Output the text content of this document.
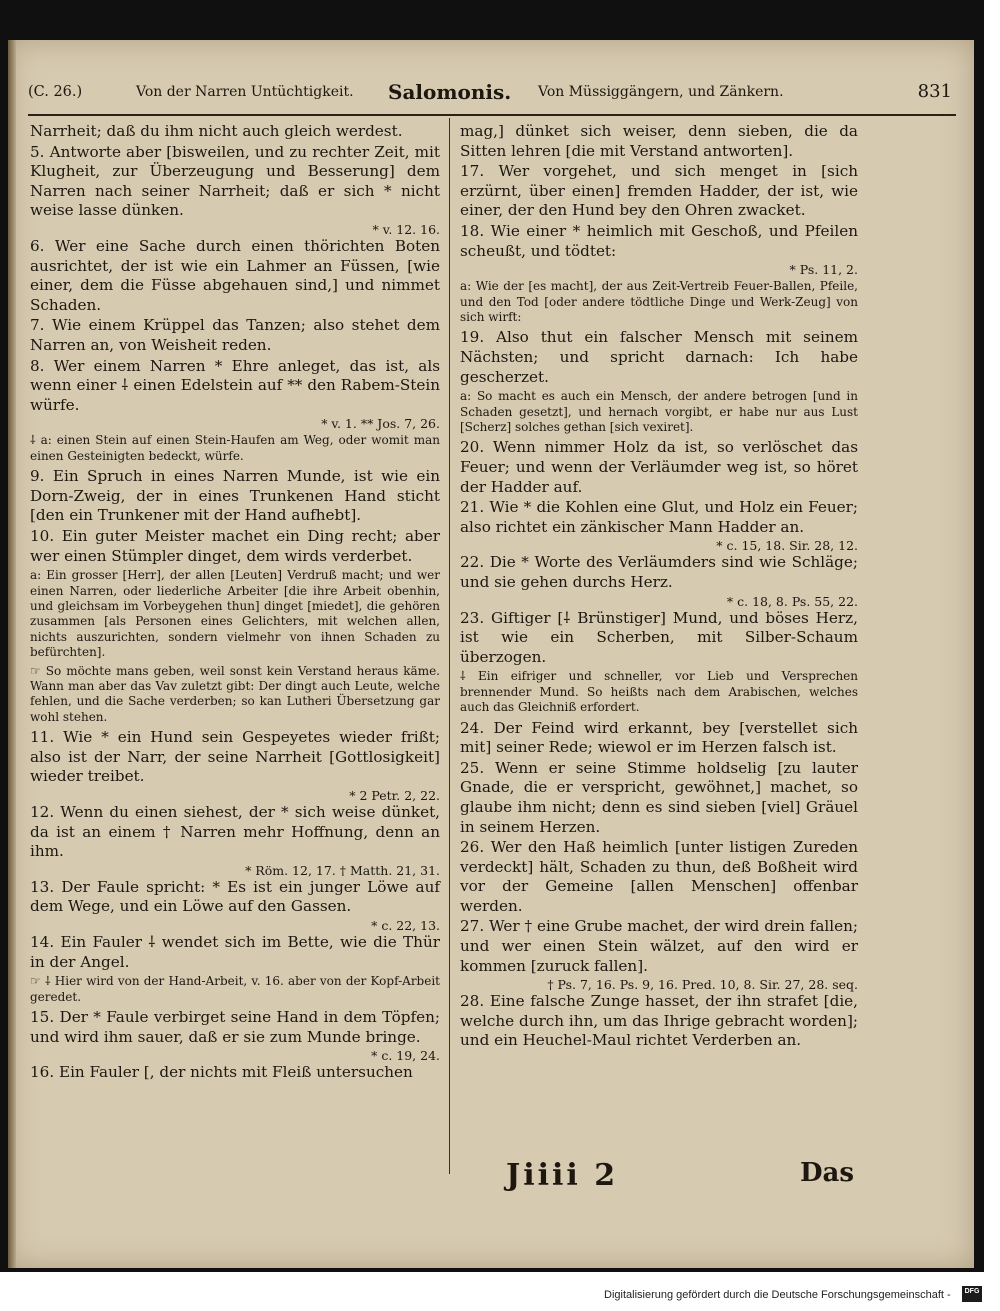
(C. 26.)	Von der Narren Untüchtigkeit. Salomonis. Von Müssiggängern, und Zänkern.	831

Narrheit; daß du ihm nicht auch gleich werdest.

5. Antworte aber [bisweilen, und zu rechter Zeit, mit Klugheit, zur Überzeugung und Besserung] dem Narren nach seiner Narrheit; daß er sich * nicht weise lasse dünken.

* v. 12. 16.

6. Wer eine Sache durch einen thörichten Boten ausrichtet, der ist wie ein Lahmer an Füssen, [wie einer, dem die Füsse abgehauen sind,] und nimmet Schaden.

7. Wie einem Krüppel das Tanzen; also stehet dem Narren an, von Weisheit reden.

8. Wer einem Narren * Ehre anleget, das ist, als wenn einer ⸸ einen Edelstein auf ** den Rabem-Stein würfe.

* v. 1. ** Jos. 7, 26.

⸸ a: einen Stein auf einen Stein-Haufen am Weg, oder womit man einen Gesteinigten bedeckt, würfe.

9. Ein Spruch in eines Narren Munde, ist wie ein Dorn-Zweig, der in eines Trunkenen Hand sticht [den ein Trunkener mit der Hand aufhebt].

10. Ein guter Meister machet ein Ding recht; aber wer einen Stümpler dinget, dem wirds verderbet.

a: Ein grosser [Herr], der allen [Leuten] Verdruß macht; und wer einen Narren, oder liederliche Arbeiter [die ihre Arbeit obenhin, und gleichsam im Vorbeygehen thun] dinget [miedet], die gehören zusammen [als Personen eines Gelichters, mit welchen allen, nichts auszurichten, sondern vielmehr von ihnen Schaden zu befürchten].

☞ So möchte mans geben, weil sonst kein Verstand heraus käme. Wann man aber das Vav zuletzt gibt: Der dingt auch Leute, welche fehlen, und die Sache verderben; so kan Lutheri Übersetzung gar wohl stehen.

11. Wie * ein Hund sein Gespeyetes wieder frißt; also ist der Narr, der seine Narrheit [Gottlosigkeit] wieder treibet.

* 2 Petr. 2, 22.

12. Wenn du einen siehest, der * sich weise dünket, da ist an einem † Narren mehr Hoffnung, denn an ihm.

* Röm. 12, 17. † Matth. 21, 31.

13. Der Faule spricht: * Es ist ein junger Löwe auf dem Wege, und ein Löwe auf den Gassen.

* c. 22, 13.

14. Ein Fauler ⸸ wendet sich im Bette, wie die Thür in der Angel.

☞ ⸸ Hier wird von der Hand-Arbeit, v. 16. aber von der Kopf-Arbeit geredet.

15. Der * Faule verbirget seine Hand in dem Töpfen; und wird ihm sauer, daß er sie zum Munde bringe.

* c. 19, 24.

16. Ein Fauler [, der nichts mit Fleiß untersuchen

mag,] dünket sich weiser, denn sieben, die da Sitten lehren [die mit Verstand antworten].

17. Wer vorgehet, und sich menget in [sich erzürnt, über einen] fremden Hadder, der ist, wie einer, der den Hund bey den Ohren zwacket.

18. Wie einer * heimlich mit Geschoß, und Pfeilen scheußt, und tödtet:

* Ps. 11, 2.

a: Wie der [es macht], der aus Zeit-Vertreib Feuer-Ballen, Pfeile, und den Tod [oder andere tödtliche Dinge und Werk-Zeug] von sich wirft:

19. Also thut ein falscher Mensch mit seinem Nächsten; und spricht darnach: Ich habe gescherzet.

a: So macht es auch ein Mensch, der andere betrogen [und in Schaden gesetzt], und hernach vorgibt, er habe nur aus Lust [Scherz] solches gethan [sich vexiret].

20. Wenn nimmer Holz da ist, so verlöschet das Feuer; und wenn der Verläumder weg ist, so höret der Hadder auf.

21. Wie * die Kohlen eine Glut, und Holz ein Feuer; also richtet ein zänkischer Mann Hadder an.

* c. 15, 18. Sir. 28, 12.

22. Die * Worte des Verläumders sind wie Schläge; und sie gehen durchs Herz.

* c. 18, 8. Ps. 55, 22.

23. Giftiger [⸸ Brünstiger] Mund, und böses Herz, ist wie ein Scherben, mit Silber-Schaum überzogen.

⸸ Ein eifriger und schneller, vor Lieb und Versprechen brennender Mund. So heißts nach dem Arabischen, welches auch das Gleichniß erfordert.

24. Der Feind wird erkannt, bey [verstellet sich mit] seiner Rede; wiewol er im Herzen falsch ist.

25. Wenn er seine Stimme holdselig [zu lauter Gnade, die er verspricht, gewöhnet,] machet, so glaube ihm nicht; denn es sind sieben [viel] Gräuel in seinem Herzen.

26. Wer den Haß heimlich [unter listigen Zureden verdeckt] hält, Schaden zu thun, deß Boßheit wird vor der Gemeine [allen Menschen] offenbar werden.

27. Wer † eine Grube machet, der wird drein fallen; und wer einen Stein wälzet, auf den wird er kommen [zuruck fallen].

† Ps. 7, 16. Ps. 9, 16. Pred. 10, 8. Sir. 27, 28. seq.

28. Eine falsche Zunge hasset, der ihn strafet [die, welche durch ihn, um das Ihrige gebracht worden]; und ein Heuchel-Maul richtet Verderben an.

Jiiii 2	Das
Digitalisierung gefördert durch die Deutsche Forschungsgemeinschaft -	DFG
